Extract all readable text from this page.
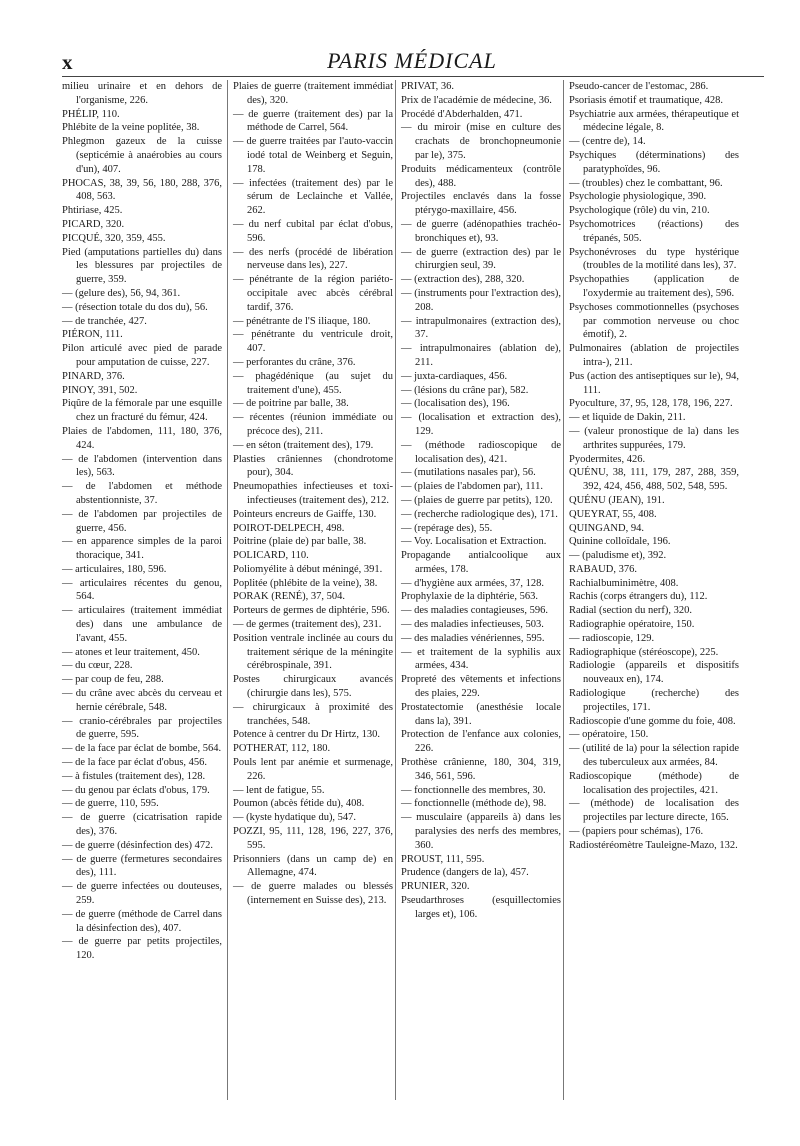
x	PARIS MÉDICAL
milieu urinaire et en dehors de l'organisme, 226.
PHÉLIP, 110.
Phlébite de la veine poplitée, 38.
Phlegmon gazeux de la cuisse (septicémie à anaérobies au cours d'un), 407.
PHOCAS, 38, 39, 56, 180, 288, 376, 408, 563.
Phtiriase, 425.
PICARD, 320.
PICQUÉ, 320, 359, 455.
Pied (amputations partielles du) dans les blessures par projectiles de guerre, 359.
— (gelure des), 56, 94, 361.
— (résection totale du dos du), 56.
— de tranchée, 427.
PIÉRON, 111.
Pilon articulé avec pied de parade pour amputation de cuisse, 227.
PINARD, 376.
PINOY, 391, 502.
Piqûre de la fémorale par une esquille chez un fracturé du fémur, 424.
Plaies de l'abdomen, 111, 180, 376, 424.
— de l'abdomen (intervention dans les), 563.
— de l'abdomen et méthode abstentionniste, 37.
— de l'abdomen par projectiles de guerre, 456.
— en apparence simples de la paroi thoracique, 341.
— articulaires, 180, 596.
— articulaires récentes du genou, 564.
— articulaires (traitement immédiat des) dans une ambulance de l'avant, 455.
— atones et leur traitement, 450.
— du cœur, 228.
— par coup de feu, 288.
— du crâne avec abcès du cerveau et hernie cérébrale, 548.
— cranio-cérébrales par projectiles de guerre, 595.
— de la face par éclat de bombe, 564.
— de la face par éclat d'obus, 456.
— à fistules (traitement des), 128.
— du genou par éclats d'obus, 179.
— de guerre, 110, 595.
— de guerre (cicatrisation rapide des), 376.
— de guerre (désinfection des) 472.
— de guerre (fermetures secondaires des), 111.
— de guerre infectées ou douteuses, 259.
— de guerre (méthode de Carrel dans la désinfection des), 407.
— de guerre par petits projectiles, 120.
Plaies de guerre (traitement immédiat des), 320.
— de guerre (traitement des) par la méthode de Carrel, 564.
— de guerre traitées par l'auto-vaccin iodé total de Weinberg et Seguin, 178.
— infectées (traitement des) par le sérum de Leclainche et Vallée, 262.
— du nerf cubital par éclat d'obus, 596.
— des nerfs (procédé de libération nerveuse dans les), 227.
— pénétrante de la région pariéto-occipitale avec abcès cérébral tardif, 376.
— pénétrante de l'S iliaque, 180.
— pénétrante du ventricule droit, 407.
— perforantes du crâne, 376.
— phagédénique (au sujet du traitement d'une), 455.
— de poitrine par balle, 38.
— récentes (réunion immédiate ou précoce des), 211.
— en séton (traitement des), 179.
Plasties crâniennes (chondrotome pour), 304.
Pneumopathies infectieuses et toxi-infectieuses (traitement des), 212.
Pointeurs encreurs de Gaiffe, 130.
POIROT-DELPECH, 498.
Poitrine (plaie de) par balle, 38.
POLICARD, 110.
Poliomyélite à début méningé, 391.
Poplitée (phlébite de la veine), 38.
PORAK (RENÉ), 37, 504.
Porteurs de germes de diphtérie, 596.
— de germes (traitement des), 231.
Position ventrale inclinée au cours du traitement sérique de la méningite cérébrospinale, 391.
Postes chirurgicaux avancés (chirurgie dans les), 575.
— chirurgicaux à proximité des tranchées, 548.
Potence à centrer du Dr Hirtz, 130.
POTHERAT, 112, 180.
Pouls lent par anémie et surmenage, 226.
— lent de fatigue, 55.
Poumon (abcès fétide du), 408.
— (kyste hydatique du), 547.
POZZI, 95, 111, 128, 196, 227, 376, 595.
Prisonniers (dans un camp de) en Allemagne, 474.
— de guerre malades ou blessés (internement en Suisse des), 213.
PRIVAT, 36.
Prix de l'académie de médecine, 36.
Procédé d'Abderhalden, 471.
— du miroir (mise en culture des crachats de bronchopneumonie par le), 375.
Produits médicamenteux (contrôle des), 488.
Projectiles enclavés dans la fosse ptérygo-maxillaire, 456.
— de guerre (adénopathies trachéo-bronchiques et), 93.
— de guerre (extraction des) par le chirurgien seul, 39.
— (extraction des), 288, 320.
— (instruments pour l'extraction des), 208.
— intrapulmonaires (extraction des), 37.
— intrapulmonaires (ablation de), 211.
— juxta-cardiaques, 456.
— (lésions du crâne par), 582.
— (localisation des), 196.
— (localisation et extraction des), 129.
— (méthode radioscopique de localisation des), 421.
— (mutilations nasales par), 56.
— (plaies de l'abdomen par), 111.
— (plaies de guerre par petits), 120.
— (recherche radiologique des), 171.
— (repérage des), 55.
— Voy. Localisation et Extraction.
Propagande antialcoolique aux armées, 178.
— d'hygiène aux armées, 37, 128.
Prophylaxie de la diphtérie, 563.
— des maladies contagieuses, 596.
— des maladies infectieuses, 503.
— des maladies vénériennes, 595.
— et traitement de la syphilis aux armées, 434.
Propreté des vêtements et infections des plaies, 229.
Prostatectomie (anesthésie locale dans la), 391.
Protection de l'enfance aux colonies, 226.
Prothèse crânienne, 180, 304, 319, 346, 561, 596.
— fonctionnelle des membres, 30.
— fonctionnelle (méthode de), 98.
— musculaire (appareils à) dans les paralysies des nerfs des membres, 360.
PROUST, 111, 595.
Prudence (dangers de la), 457.
PRUNIER, 320.
Pseudarthroses (esquillectomies larges et), 106.
Pseudo-cancer de l'estomac, 286.
Psoriasis émotif et traumatique, 428.
Psychiatrie aux armées, thérapeutique et médecine légale, 8.
— (centre de), 14.
Psychiques (déterminations) des paratyphoïdes, 96.
— (troubles) chez le combattant, 96.
Psychologie physiologique, 390.
Psychologique (rôle) du vin, 210.
Psychomotrices (réactions) des trépanés, 505.
Psychonévroses du type hystérique (troubles de la motilité dans les), 37.
Psychopathies (application de l'oxydermie au traitement des), 596.
Psychoses commotionnelles (psychoses par commotion nerveuse ou choc émotif), 2.
Pulmonaires (ablation de projectiles intra-), 211.
Pus (action des antiseptiques sur le), 94, 111.
Pyoculture, 37, 95, 128, 178, 196, 227.
— et liquide de Dakin, 211.
— (valeur pronostique de la) dans les arthrites suppurées, 179.
Pyodermites, 426.
QUÉNU, 38, 111, 179, 287, 288, 359, 392, 424, 456, 488, 502, 548, 595.
QUÉNU (JEAN), 191.
QUEYRAT, 55, 408.
QUINGAND, 94.
Quinine colloïdale, 196.
— (paludisme et), 392.
RABAUD, 376.
Rachialbuminimètre, 408.
Rachis (corps étrangers du), 112.
Radial (section du nerf), 320.
Radiographie opératoire, 150.
— radioscopie, 129.
Radiographique (stéréoscope), 225.
Radiologie (appareils et dispositifs nouveaux en), 174.
Radiologique (recherche) des projectiles, 171.
Radioscopie d'une gomme du foie, 408.
— opératoire, 150.
— (utilité de la) pour la sélection rapide des tuberculeux aux armées, 84.
Radioscopique (méthode) de localisation des projectiles, 421.
— (méthode) de localisation des projectiles par lecture directe, 165.
— (papiers pour schémas), 176.
Radiostéréomètre Tauleigne-Mazo, 132.
